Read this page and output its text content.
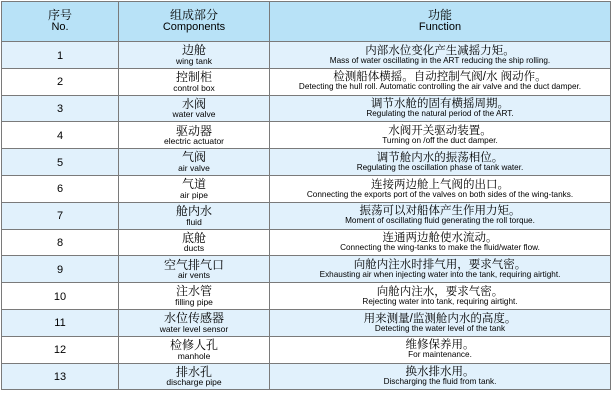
序号
No.	组成部分
Components	功能
Function

1	边舱
wing tank	内部水位变化产生减摇力矩。
Mass of water oscillating in the ART reducing the ship rolling.

2	控制柜
control box	检测船体横摇。自动控制气阀/水 阀动作。
Detecting the hull roll. Automatic controlling the air valve and the duct damper.

3	水阀
water valve	调节水舱的固有横摇周期。
Regulating the natural period of the ART.

4	驱动器
electric actuator	水阀开关驱动装置。
Turning on /off the duct damper.

5	气阀
air valve	调节舱内水的振荡相位。
Regulating the oscillation phase of tank water.

6	气道
air pipe	连接两边舱上气阀的出口。
Connecting the exports port of the valves on both sides of the wing-tanks.

7	舱内水
fluid	振荡可以对船体产生作用力矩。
Moment of oscillating fluid generating the roll torque.

8	底舱
ducts	连通两边舱使水流动。
Connecting the wing-tanks to make the fluid/water flow.

9	空气排气口
air vents	向舱内注水时排气用，要求气密。
Exhausting air when injecting water into the tank, requiring airtight.

10	注水管
filling pipe	向舱内注水，要求气密。
Rejecting water into tank, requiring airtight.

11	水位传感器
water level sensor	用来测量/监测舱内水的高度。
Detecting the water level of the tank

12	检修人孔
manhole	维修保养用。
For maintenance.

13	排水孔
discharge pipe	换水排水用。
Discharging the fluid from tank.
